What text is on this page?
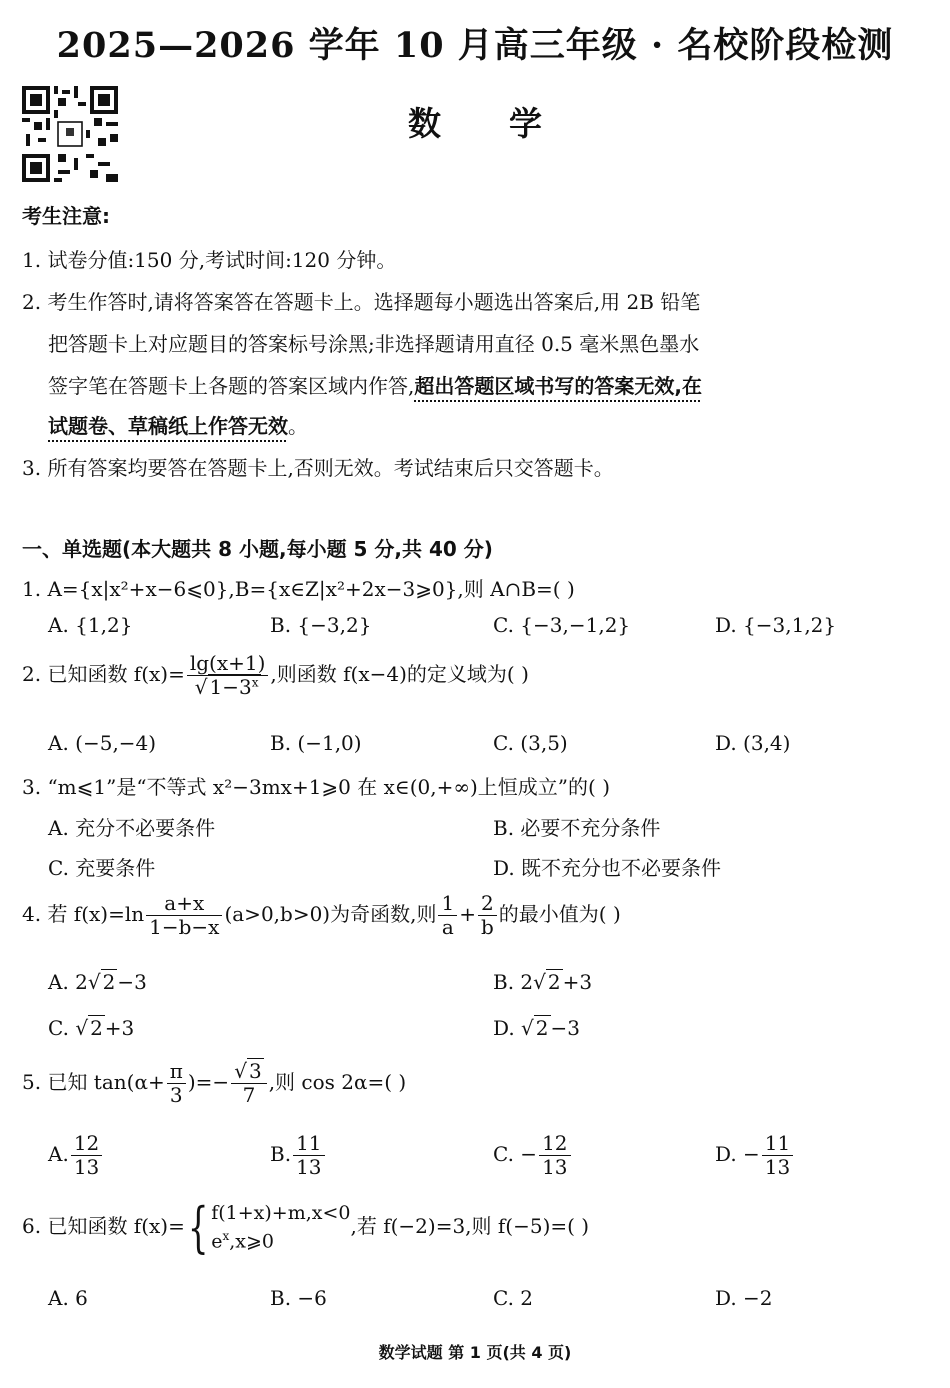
2025—2026 学年 10 月高三年级 · 名校阶段检测
数 学
考生注意:
1. 试卷分值:150 分,考试时间:120 分钟。
2. 考生作答时,请将答案答在答题卡上。选择题每小题选出答案后,用 2B 铅笔
把答题卡上对应题目的答案标号涂黑;非选择题请用直径 0.5 毫米黑色墨水
签字笔在答题卡上各题的答案区域内作答,超出答题区域书写的答案无效,在
试题卷、草稿纸上作答无效。
3. 所有答案均要答在答题卡上,否则无效。考试结束后只交答题卡。
一、单选题(本大题共 8 小题,每小题 5 分,共 40 分)
1. A={x|x²+x−6⩽0},B={x∈Z|x²+2x−3⩾0},则 A∩B=( )
A. {1,2}	B. {−3,2}	C. {−3,−1,2}	D. {−3,1,2}
2. 已知函数 $f(x)= \frac{\lg(x+1)}{√ 1-3^x}$ ,则函数 f(x−4)的定义域为( )
A. (−5,−4)	B. (−1,0)	C. (3,5)	D. (3,4)
3. “m⩽1”是“不等式 x²−3mx+1⩾0 在 x∈(0,+∞)上恒成立”的( )
A. 充分不必要条件	B. 必要不充分条件
C. 充要条件	D. 既不充分也不必要条件
4. 若 $f(x)=\ln \frac{a+x}{1-b-x} (a>0,b>0)$为奇函数,则 $\frac{1}{a} + \frac{2}{b}$ 的最小值为( )
A. 2√ 2 −3	B. 2√ 2 +3
C. √ 2 +3	D. √ 2 −3
5. 已知 $\tan(\alpha+ \frac{\pi}{3}$ )=− $\frac{√ 3}{7}$ ,则 cos 2α=( )
A. $\frac{12}{13}$	B. $\frac{11}{13}$	C. − $\frac{12}{13}$	D. − $\frac{11}{13}$
6. 已知函数 f(x)={ f(1+x)+m,x<0
$e^x,x⩾0$
,若 f(−2)=3,则 f(−5)=( )
A. 6	B. −6	C. 2	D. −2
数学试题 第 1 页(共 4 页)
